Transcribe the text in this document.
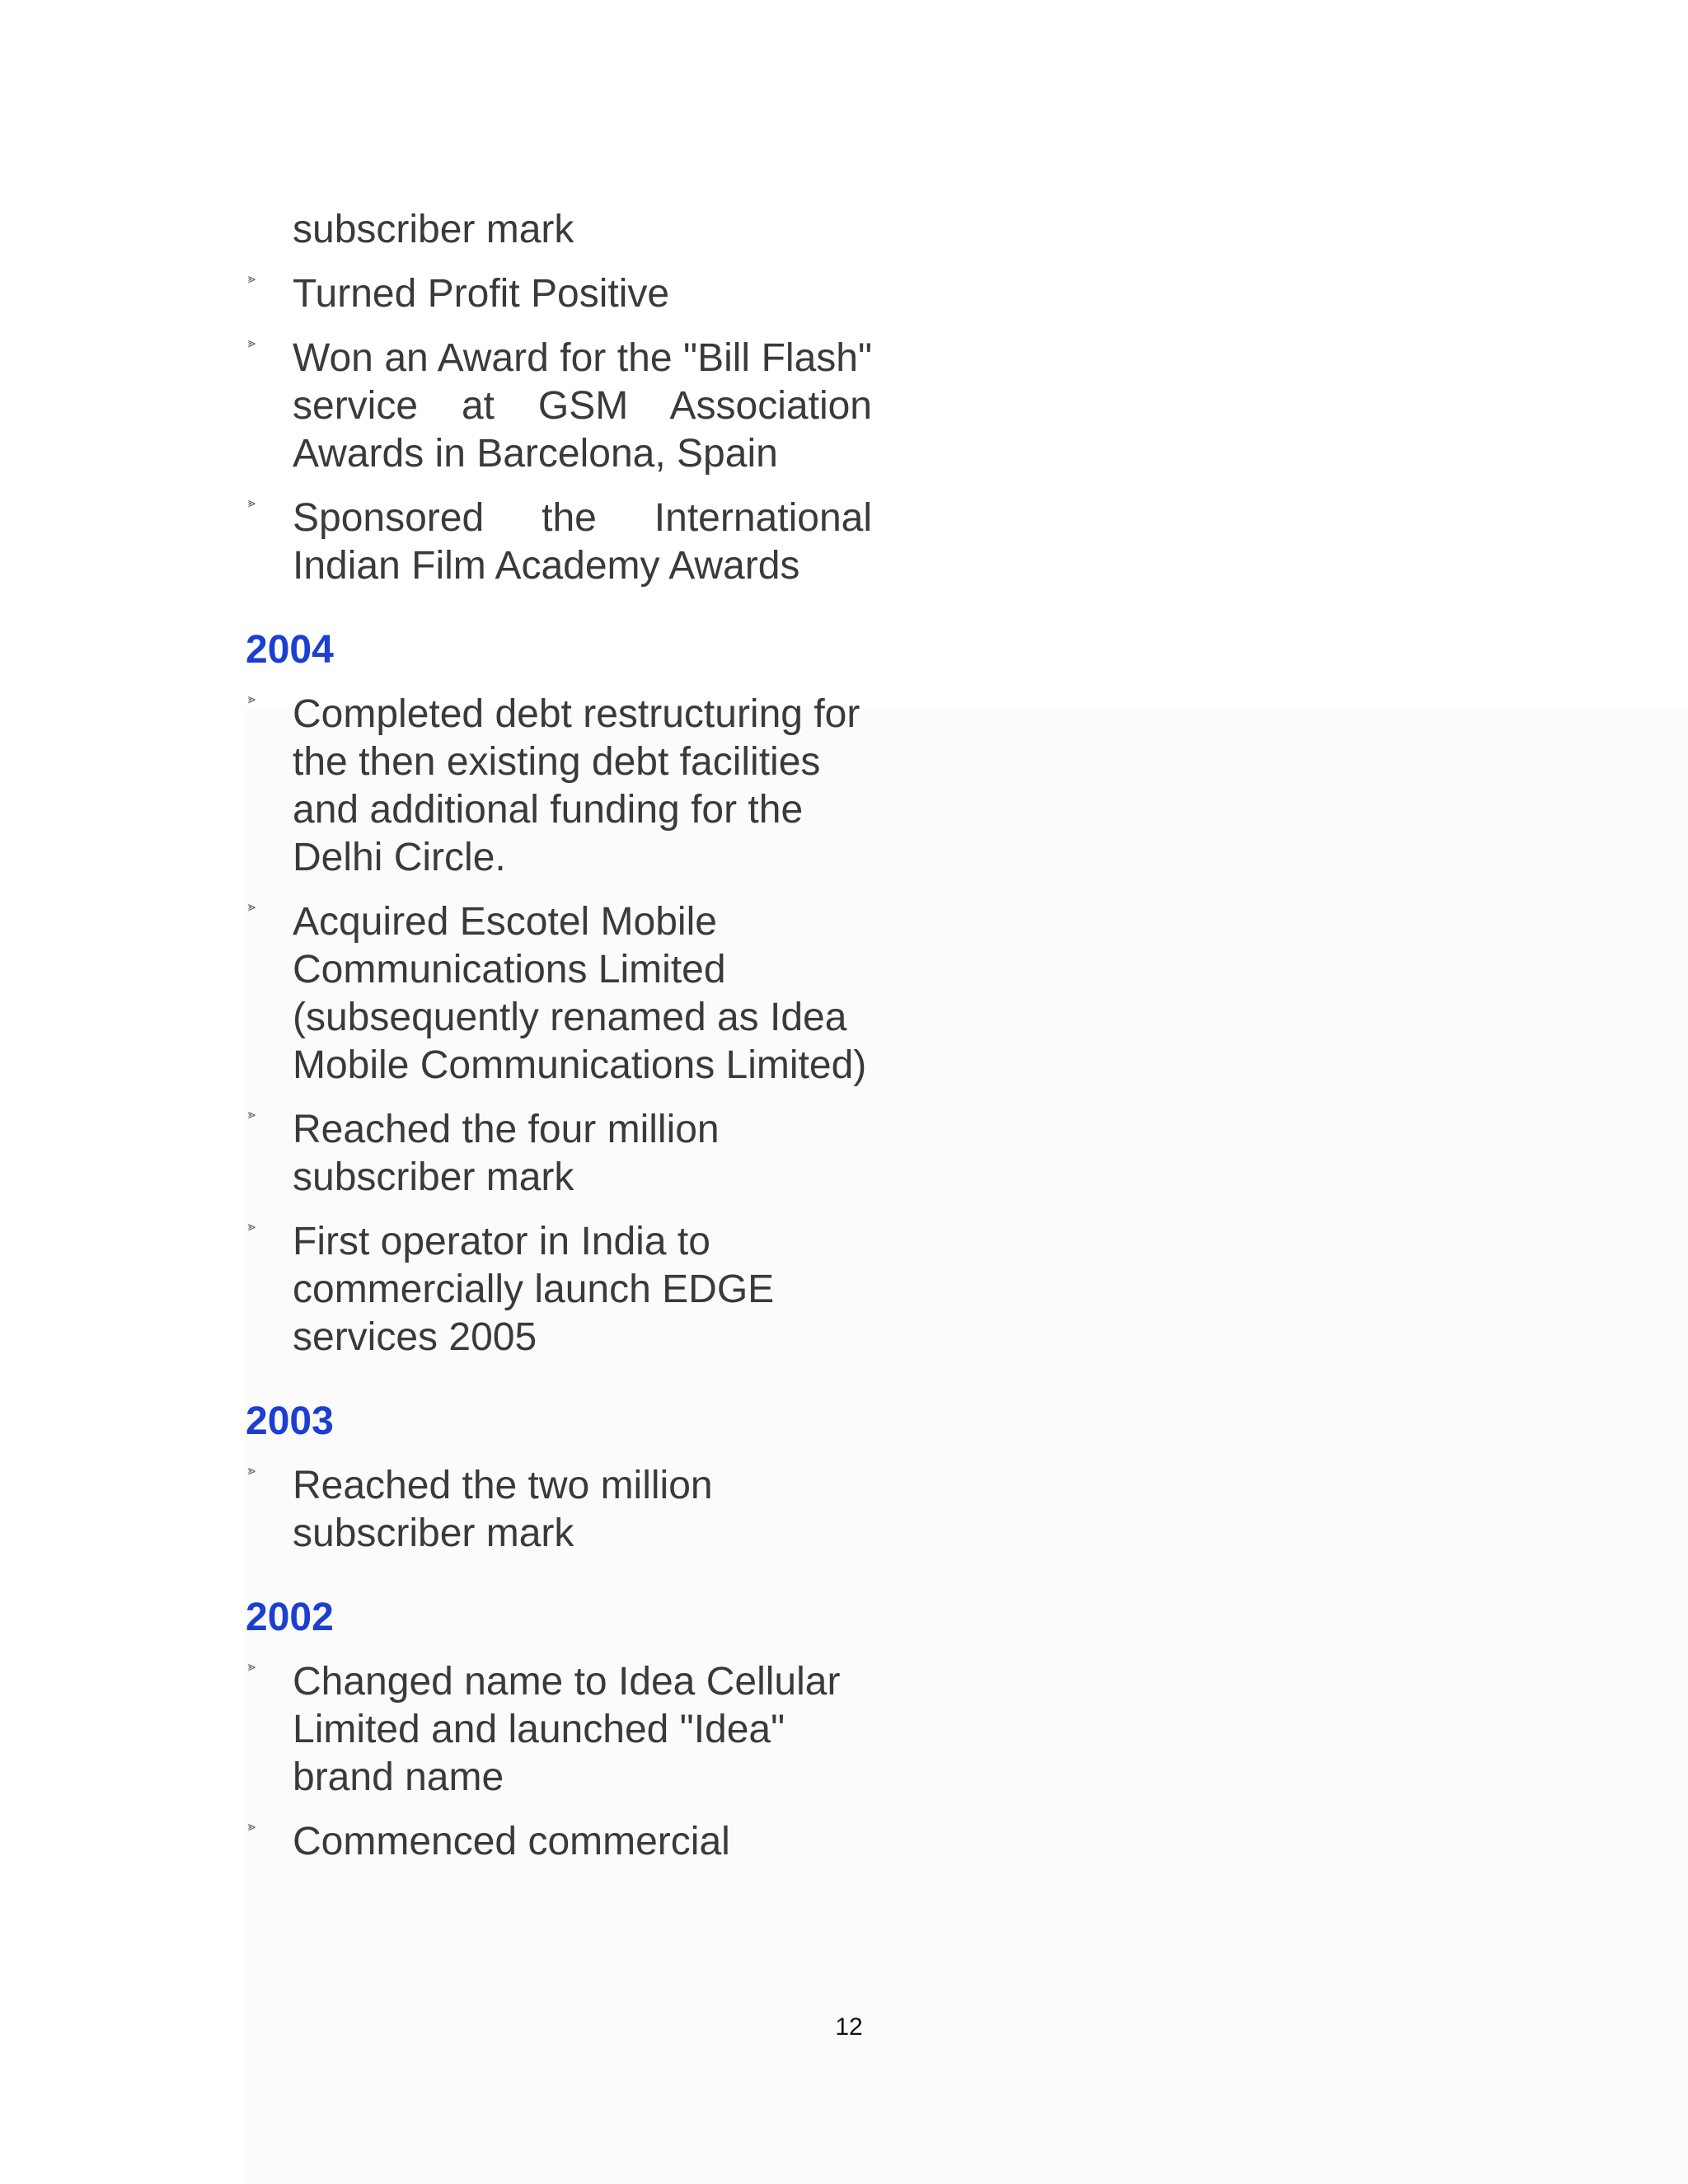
subscriber mark

⪢ Turned Profit Positive
⪢ Won an Award for the "Bill Flash" service at GSM Association Awards in Barcelona, Spain
⪢ Sponsored the International Indian Film Academy Awards
2004
⪢ Completed debt restructuring for the then existing debt facilities and additional funding for the Delhi Circle.
⪢ Acquired Escotel Mobile Communications Limited (subsequently renamed as Idea Mobile Communications Limited)
⪢ Reached the four million subscriber mark
⪢ First operator in India to commercially launch EDGE services 2005
2003
⪢ Reached the two million subscriber mark
2002
⪢ Changed name to Idea Cellular Limited and launched "Idea" brand name
⪢ Commenced commercial
12
